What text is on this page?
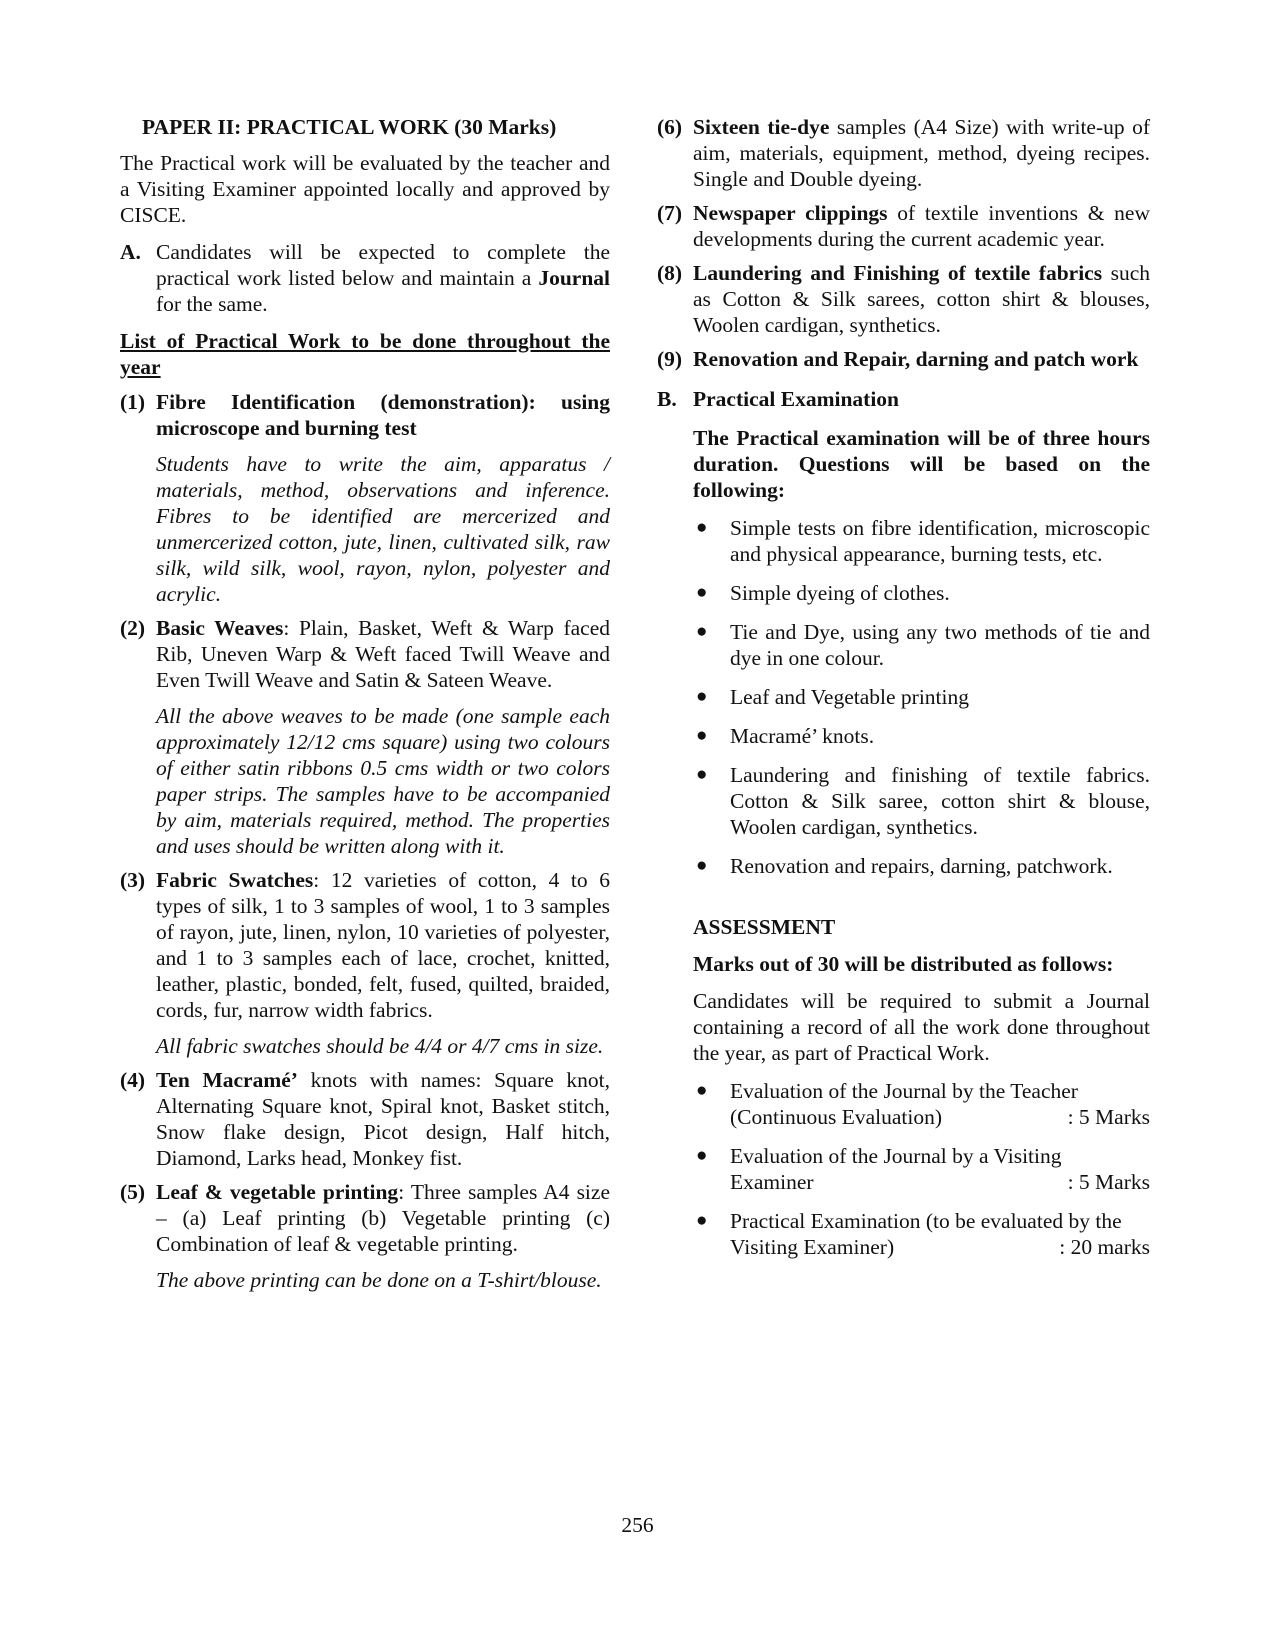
PAPER II: PRACTICAL WORK (30 Marks)

The Practical work will be evaluated by the teacher and a Visiting Examiner appointed locally and approved by CISCE.

A. Candidates will be expected to complete the practical work listed below and maintain a Journal for the same.

List of Practical Work to be done throughout the year

(1) Fibre Identification (demonstration): using microscope and burning test

Students have to write the aim, apparatus / materials, method, observations and inference. Fibres to be identified are mercerized and unmercerized cotton, jute, linen, cultivated silk, raw silk, wild silk, wool, rayon, nylon, polyester and acrylic.

(2) Basic Weaves: Plain, Basket, Weft & Warp faced Rib, Uneven Warp & Weft faced Twill Weave and Even Twill Weave and Satin & Sateen Weave.

All the above weaves to be made (one sample each approximately 12/12 cms square) using two colours of either satin ribbons 0.5 cms width or two colors paper strips. The samples have to be accompanied by aim, materials required, method. The properties and uses should be written along with it.

(3) Fabric Swatches: 12 varieties of cotton, 4 to 6 types of silk, 1 to 3 samples of wool, 1 to 3 samples of rayon, jute, linen, nylon, 10 varieties of polyester, and 1 to 3 samples each of lace, crochet, knitted, leather, plastic, bonded, felt, fused, quilted, braided, cords, fur, narrow width fabrics.

All fabric swatches should be 4/4 or 4/7 cms in size.

(4) Ten Macramé’ knots with names: Square knot, Alternating Square knot, Spiral knot, Basket stitch, Snow flake design, Picot design, Half hitch, Diamond, Larks head, Monkey fist.

(5) Leaf & vegetable printing: Three samples A4 size – (a) Leaf printing (b) Vegetable printing (c) Combination of leaf & vegetable printing.

The above printing can be done on a T-shirt/blouse.

(6) Sixteen tie-dye samples (A4 Size) with write-up of aim, materials, equipment, method, dyeing recipes. Single and Double dyeing.

(7) Newspaper clippings of textile inventions & new developments during the current academic year.

(8) Laundering and Finishing of textile fabrics such as Cotton & Silk sarees, cotton shirt & blouses, Woolen cardigan, synthetics.

(9) Renovation and Repair, darning and patch work

B. Practical Examination

The Practical examination will be of three hours duration. Questions will be based on the following:

● Simple tests on fibre identification, microscopic and physical appearance, burning tests, etc.
● Simple dyeing of clothes.
● Tie and Dye, using any two methods of tie and dye in one colour.
● Leaf and Vegetable printing
● Macramé’ knots.
● Laundering and finishing of textile fabrics. Cotton & Silk saree, cotton shirt & blouse, Woolen cardigan, synthetics.
● Renovation and repairs, darning, patchwork.

ASSESSMENT

Marks out of 30 will be distributed as follows:

Candidates will be required to submit a Journal containing a record of all the work done throughout the year, as part of Practical Work.

● Evaluation of the Journal by the Teacher
(Continuous Evaluation)	: 5 Marks
● Evaluation of the Journal by a Visiting
Examiner	: 5 Marks
● Practical Examination (to be evaluated by the
Visiting Examiner)	: 20 marks
256
